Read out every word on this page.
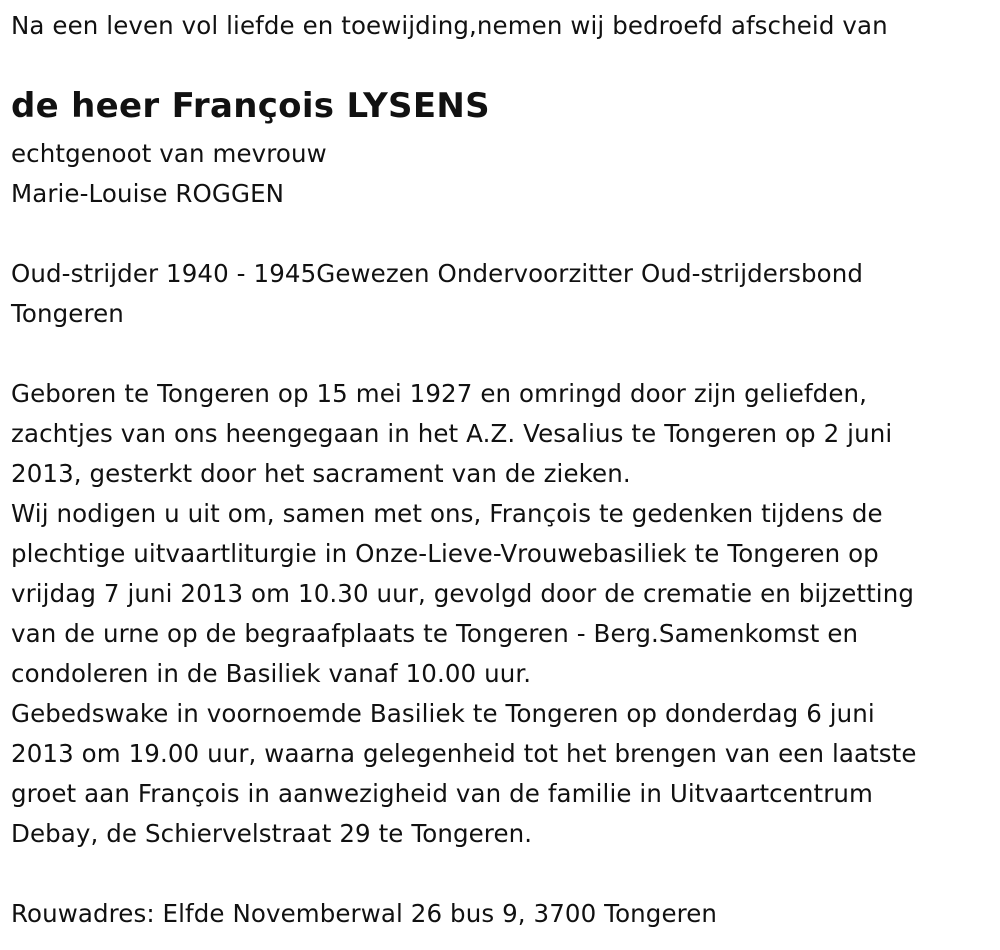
Na een leven vol liefde en toewijding,nemen wij bedroefd afscheid van
de heer François LYSENS
echtgenoot van mevrouw
Marie-Louise ROGGEN
Oud-strijder 1940 - 1945Gewezen Ondervoorzitter Oud-strijdersbond
Tongeren
Geboren te Tongeren op 15 mei 1927 en omringd door zijn geliefden,
zachtjes van ons heengegaan in het A.Z. Vesalius te Tongeren op 2 juni
2013, gesterkt door het sacrament van de zieken.
Wij nodigen u uit om, samen met ons, François te gedenken tijdens de
plechtige uitvaartliturgie in Onze-Lieve-Vrouwebasiliek te Tongeren op
vrijdag 7 juni 2013 om 10.30 uur, gevolgd door de crematie en bijzetting
van de urne op de begraafplaats te Tongeren - Berg.Samenkomst en
condoleren in de Basiliek vanaf 10.00 uur.
Gebedswake in voornoemde Basiliek te Tongeren op donderdag 6 juni
2013 om 19.00 uur, waarna gelegenheid tot het brengen van een laatste
groet aan François in aanwezigheid van de familie in Uitvaartcentrum
Debay, de Schiervelstraat 29 te Tongeren.
Rouwadres: Elfde Novemberwal 26 bus 9, 3700 Tongeren
